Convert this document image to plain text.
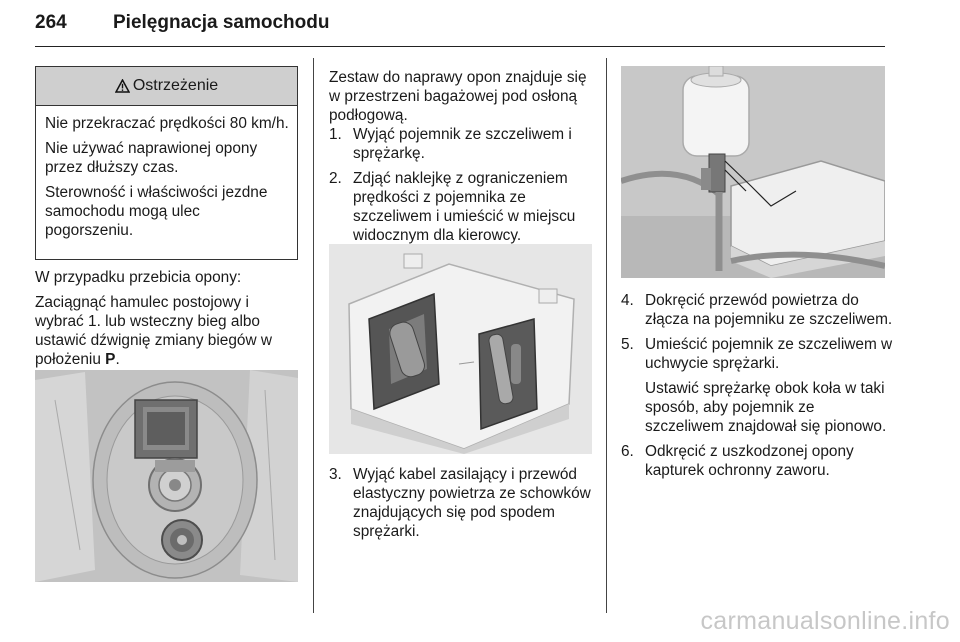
264 Pielęgnacja samochodu
Ostrzeżenie

Nie przekraczać prędkości 80 km/h.

Nie używać naprawionej opony przez dłuższy czas.

Sterowność i właściwości jezdne samochodu mogą ulec pogorszeniu.

W przypadku przebicia opony:

Zaciągnąć hamulec postojowy i wybrać 1. lub wsteczny bieg albo ustawić dźwignię zmiany biegów w położeniu P.

Zestaw do naprawy opon znajduje się w przestrzeni bagażowej pod osłoną podłogową.
1. Wyjąć pojemnik ze szczeliwem i sprężarkę.
2. Zdjąć naklejkę z ograniczeniem prędkości z pojemnika ze szczeliwem i umieścić w miejscu widocznym dla kierowcy.
3. Wyjąć kabel zasilający i przewód elastyczny powietrza ze schowków znajdujących się pod spodem sprężarki.
4. Dokręcić przewód powietrza do złącza na pojemniku ze szczeliwem.
5. Umieścić pojemnik ze szczeliwem w uchwycie sprężarki.

Ustawić sprężarkę obok koła w taki sposób, aby pojemnik ze szczeliwem znajdował się pionowo.

6. Odkręcić z uszkodzonej opony kapturek ochronny zaworu.
carmanualsonline.info
